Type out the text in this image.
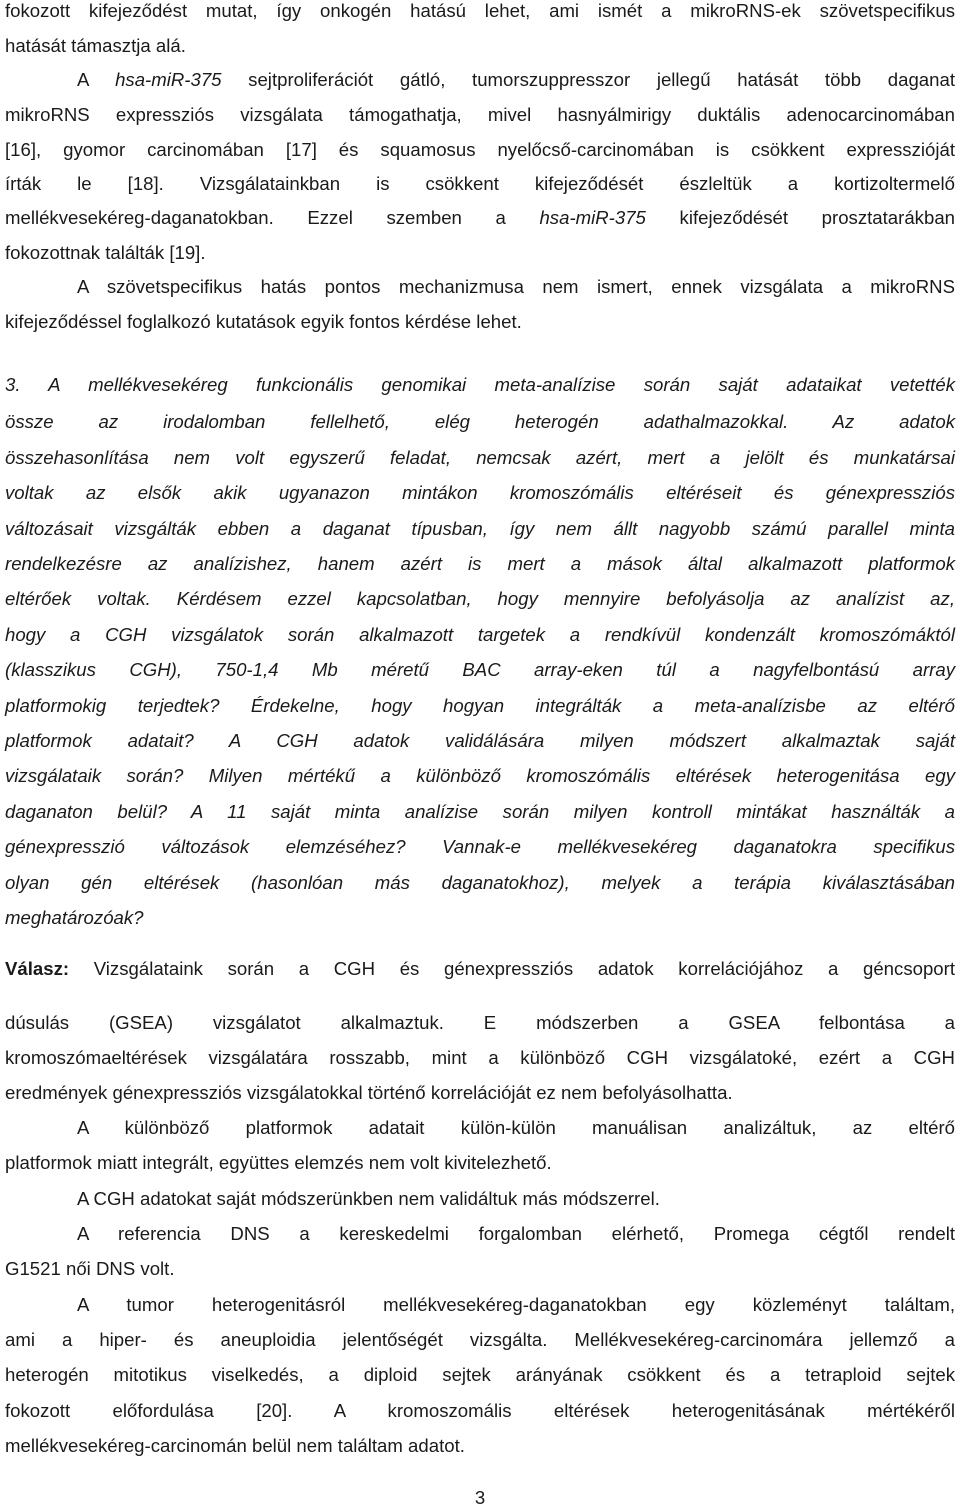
fokozott kifejeződést mutat, így onkogén hatású lehet, ami ismét a mikroRNS-ek szövetspecifikus
hatását támasztja alá.
A hsa-miR-375 sejtproliferációt gátló, tumorszuppresszor jellegű hatását több daganat
mikroRNS expressziós vizsgálata támogathatja, mivel hasnyálmirigy duktális adenocarcinomában
[16], gyomor carcinomában [17] és squamosus nyelőcső-carcinomában is csökkent expresszióját
írták le [18]. Vizsgálatainkban is csökkent kifejeződését észleltük a kortizoltermelő
mellékvesekéreg-daganatokban. Ezzel szemben a hsa-miR-375 kifejeződését prosztatarákban
fokozottnak találták [19].
A szövetspecifikus hatás pontos mechanizmusa nem ismert, ennek vizsgálata a mikroRNS
kifejeződéssel foglalkozó kutatások egyik fontos kérdése lehet.
3. A mellékvesekéreg funkcionális genomikai meta-analízise során saját adataikat vetették
össze az irodalomban fellelhető, elég heterogén adathalmazokkal. Az adatok
összehasonlítása nem volt egyszerű feladat, nemcsak azért, mert a jelölt és munkatársai
voltak az elsők akik ugyanazon mintákon kromoszómális eltéréseit és génexpressziós
változásait vizsgálták ebben a daganat típusban, így nem állt nagyobb számú parallel minta
rendelkezésre az analízishez, hanem azért is mert a mások által alkalmazott platformok
eltérőek voltak. Kérdésem ezzel kapcsolatban, hogy mennyire befolyásolja az analízist az,
hogy a CGH vizsgálatok során alkalmazott targetek a rendkívül kondenzált kromoszómáktól
(klasszikus CGH), 750-1,4 Mb méretű BAC array-eken túl a nagyfelbontású array
platformokig terjedtek? Érdekelne, hogy hogyan integrálták a meta-analízisbe az eltérő
platformok adatait? A CGH adatok validálására milyen módszert alkalmaztak saját
vizsgálataik során? Milyen mértékű a különböző kromoszómális eltérések heterogenitása egy
daganaton belül? A 11 saját minta analízise során milyen kontroll mintákat használták a
génexpresszió változások elemzéséhez? Vannak-e mellékvesekéreg daganatokra specifikus
olyan gén eltérések (hasonlóan más daganatokhoz), melyek a terápia kiválasztásában
meghatározóak?
Válasz: Vizsgálataink során a CGH és génexpressziós adatok korrelációjához a géncsoport
dúsulás (GSEA) vizsgálatot alkalmaztuk. E módszerben a GSEA felbontása a
kromoszómaeltérések vizsgálatára rosszabb, mint a különböző CGH vizsgálatoké, ezért a CGH
eredmények génexpressziós vizsgálatokkal történő korrelációját ez nem befolyásolhatta.
A különböző platformok adatait külön-külön manuálisan analizáltuk, az eltérő
platformok miatt integrált, együttes elemzés nem volt kivitelezhető.
A CGH adatokat saját módszerünkben nem validáltuk más módszerrel.
A referencia DNS a kereskedelmi forgalomban elérhető, Promega cégtől rendelt
G1521 női DNS volt.
A tumor heterogenitásról mellékvesekéreg-daganatokban egy közleményt találtam,
ami a hiper- és aneuploidia jelentőségét vizsgálta. Mellékvesekéreg-carcinomára jellemző a
heterogén mitotikus viselkedés, a diploid sejtek arányának csökkent és a tetraploid sejtek
fokozott előfordulása [20]. A kromoszomális eltérések heterogenitásának mértékéről
mellékvesekéreg-carcinomán belül nem találtam adatot.
3
